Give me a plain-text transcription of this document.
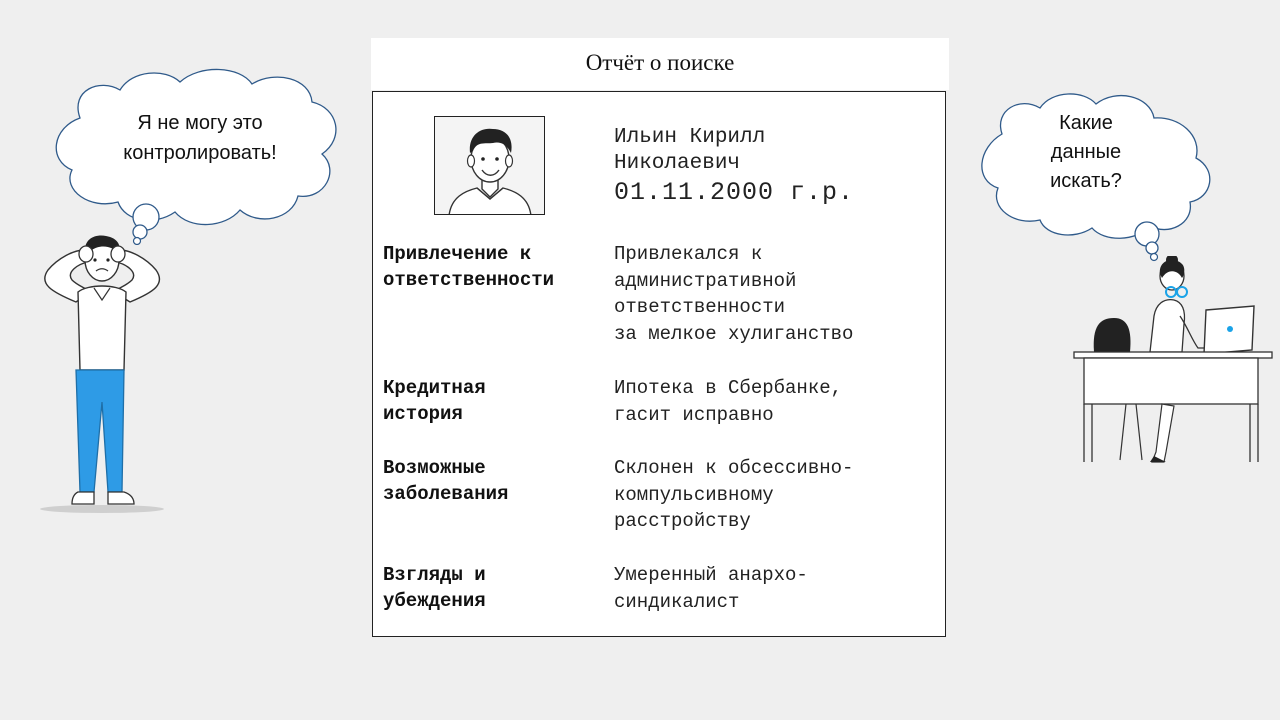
Отчёт о поиске
Ильин Кирилл
Николаевич
01.11.2000 г.р.
Привлечение к
ответственности
Привлекался к
административной
ответственности
за мелкое хулиганство
Кредитная
история
Ипотека в Сбербанке,
гасит исправно
Возможные
заболевания
Склонен к обсессивно-
компульсивному
расстройству
Взгляды и
убеждения
Умеренный анархо-
синдикалист
Я не могу это
контролировать!
Какие
данные
искать?
